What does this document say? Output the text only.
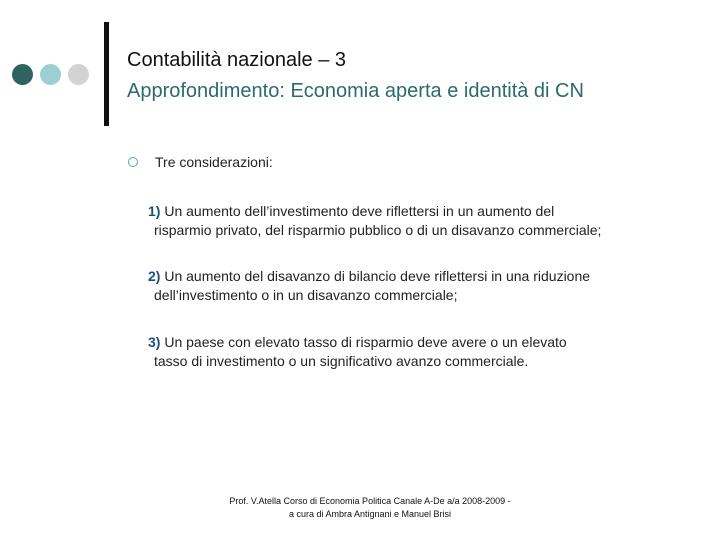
Contabilità nazionale – 3
Approfondimento: Economia aperta e identità di CN
Tre considerazioni:
1) Un aumento dell’investimento deve riflettersi in un aumento del
risparmio privato, del risparmio pubblico o di un disavanzo commerciale;
2) Un aumento del disavanzo di bilancio deve riflettersi in una riduzione
dell’investimento o in un disavanzo commerciale;
3) Un paese con elevato tasso di risparmio deve avere o un elevato
tasso di investimento o un significativo avanzo commerciale.
Prof. V.Atella Corso di Economia Politica Canale A-De a/a 2008-2009 -
a cura di Ambra Antignani e Manuel Brisi
